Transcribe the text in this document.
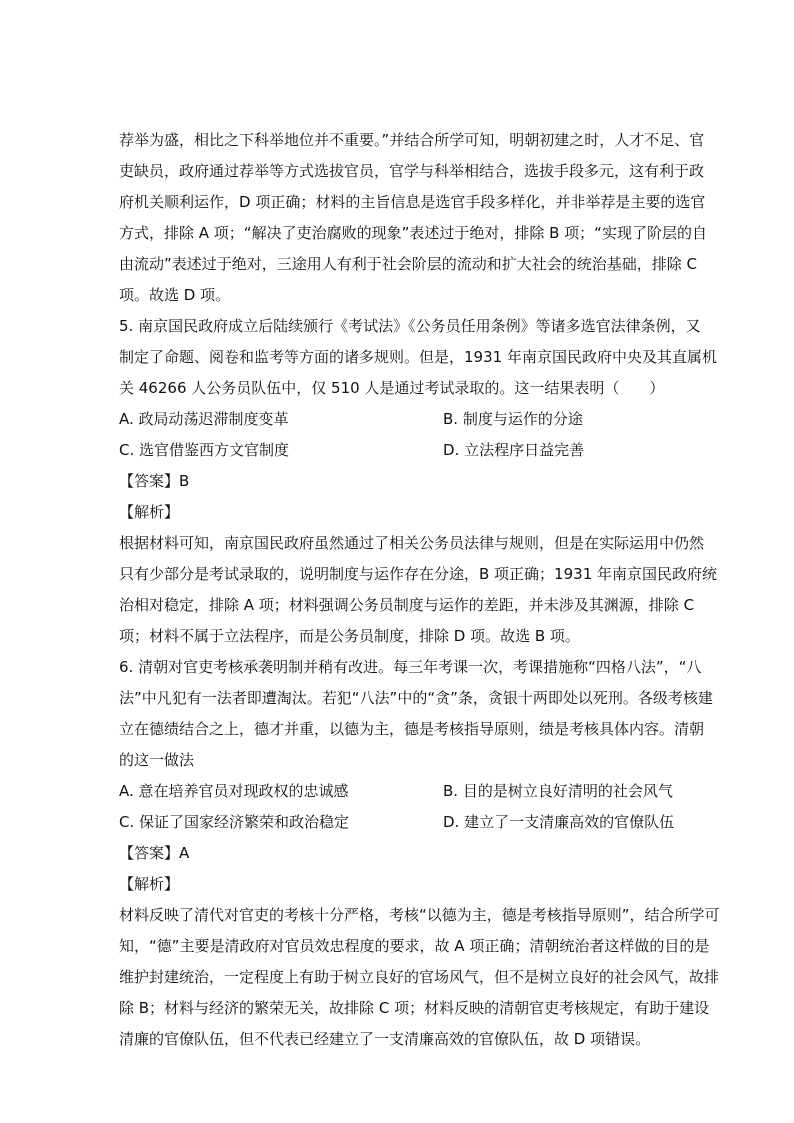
荐举为盛，相比之下科举地位并不重要。”并结合所学可知，明朝初建之时，人才不足、官

吏缺员，政府通过荐举等方式选拔官员，官学与科举相结合，选拔手段多元，这有利于政

府机关顺利运作，D 项正确；材料的主旨信息是选官手段多样化，并非举荐是主要的选官

方式，排除 A 项；“解决了吏治腐败的现象”表述过于绝对，排除 B 项；“实现了阶层的自

由流动”表述过于绝对，三途用人有利于社会阶层的流动和扩大社会的统治基础，排除 C

项。故选 D 项。

5. 南京国民政府成立后陆续颁行《考试法》《公务员任用条例》等诸多选官法律条例，又

制定了命题、阅卷和监考等方面的诸多规则。但是，1931 年南京国民政府中央及其直属机

关 46266 人公务员队伍中，仅 510 人是通过考试录取的。这一结果表明（　　）

A. 政局动荡迟滞制度变革	B. 制度与运作的分途
C. 选官借鉴西方文官制度	D. 立法程序日益完善

【答案】B

【解析】

根据材料可知，南京国民政府虽然通过了相关公务员法律与规则，但是在实际运用中仍然

只有少部分是考试录取的，说明制度与运作存在分途，B 项正确；1931 年南京国民政府统

治相对稳定，排除 A 项；材料强调公务员制度与运作的差距，并未涉及其渊源，排除 C

项；材料不属于立法程序，而是公务员制度，排除 D 项。故选 B 项。

6. 清朝对官吏考核承袭明制并稍有改进。每三年考课一次，考课措施称“四格八法”，“八

法”中凡犯有一法者即遭淘汰。若犯“八法”中的“贪”条，贪银十两即处以死刑。各级考核建

立在德绩结合之上，德才并重，以德为主，德是考核指导原则，绩是考核具体内容。清朝

的这一做法

A. 意在培养官员对现政权的忠诚感	B. 目的是树立良好清明的社会风气
C. 保证了国家经济繁荣和政治稳定	D. 建立了一支清廉高效的官僚队伍

【答案】A

【解析】

材料反映了清代对官吏的考核十分严格，考核“以德为主，德是考核指导原则”，结合所学可

知，“德”主要是清政府对官员效忠程度的要求，故 A 项正确；清朝统治者这样做的目的是

维护封建统治，一定程度上有助于树立良好的官场风气，但不是树立良好的社会风气，故排

除 B；材料与经济的繁荣无关，故排除 C 项；材料反映的清朝官吏考核规定，有助于建设

清廉的官僚队伍，但不代表已经建立了一支清廉高效的官僚队伍，故 D 项错误。
